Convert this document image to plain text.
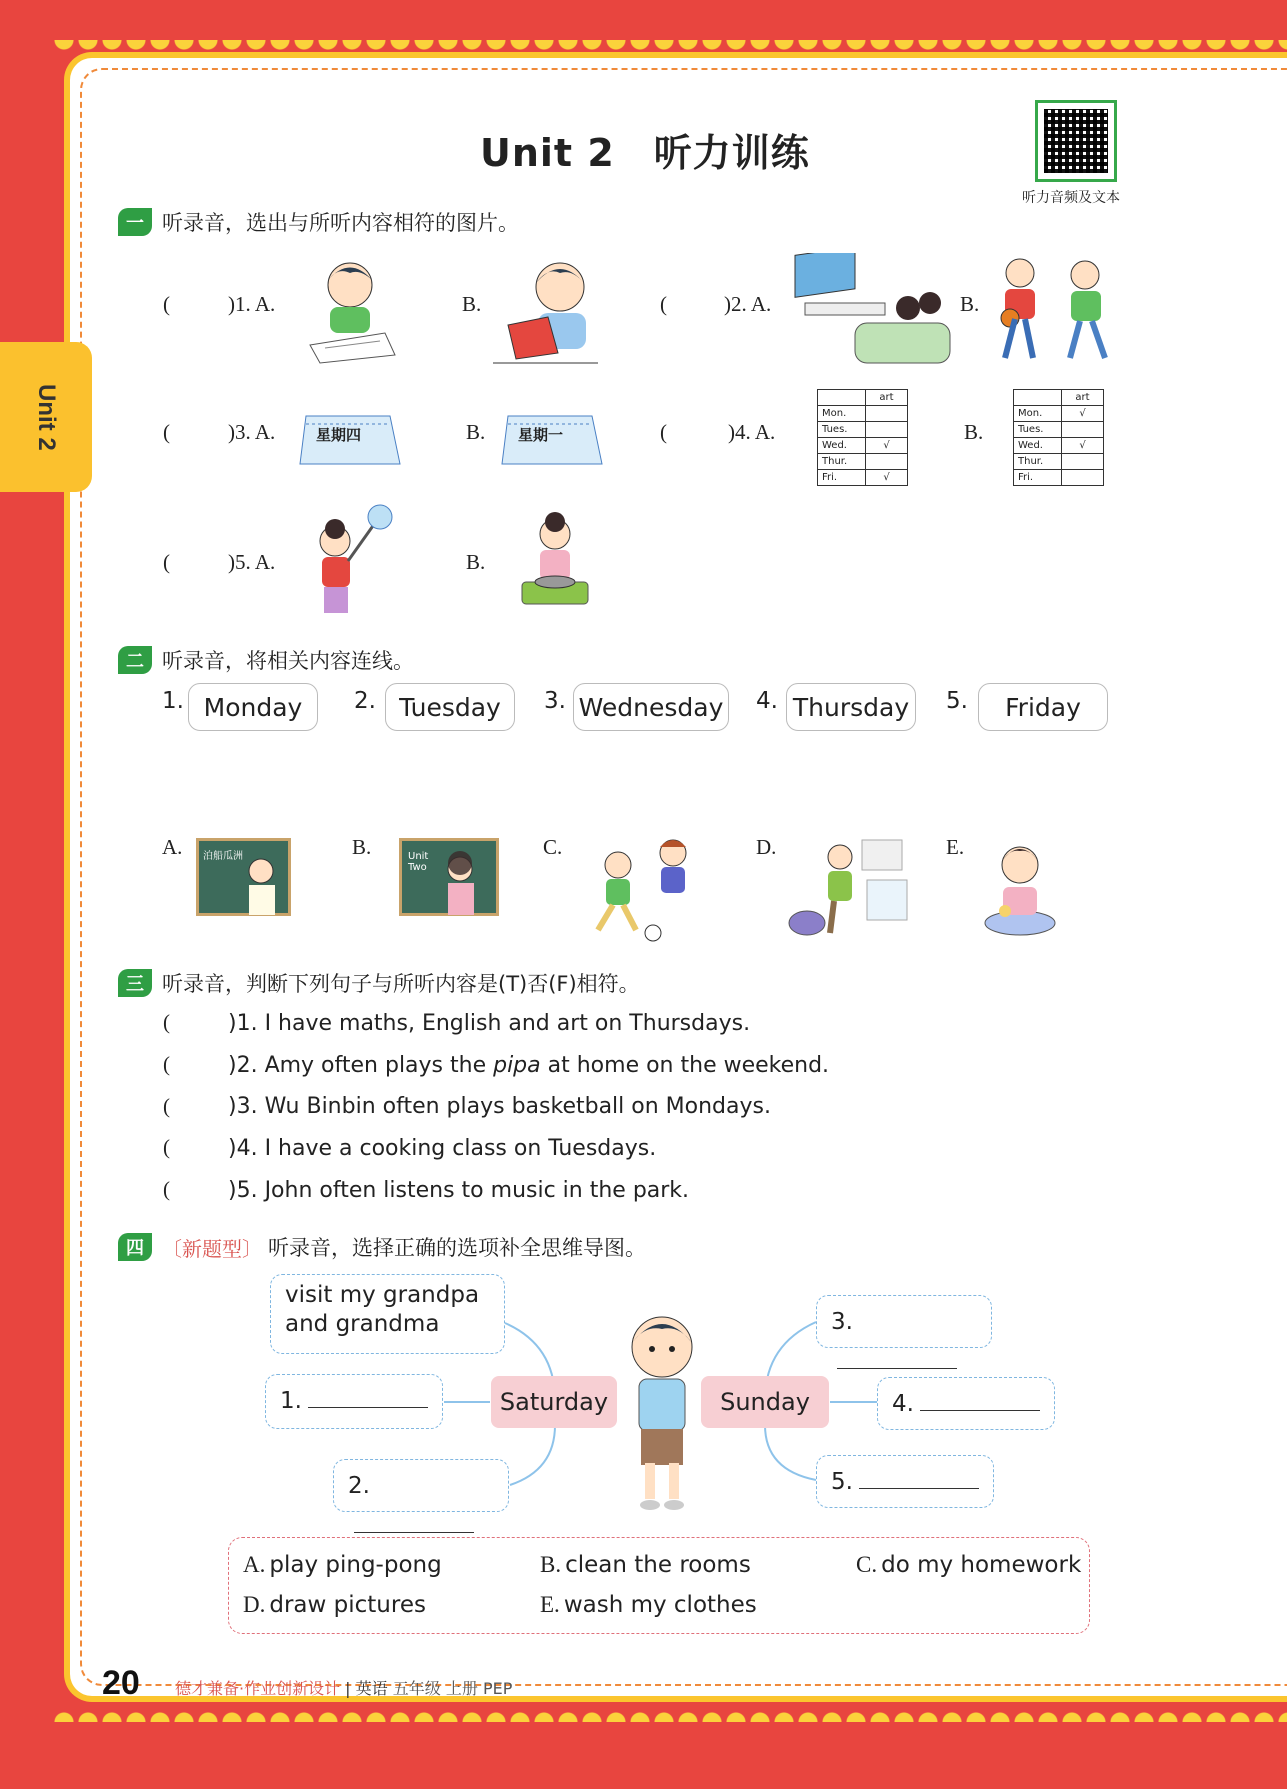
Unit 2
Unit 2　听力训练
听力音频及文本
一 听录音，选出与所听内容相符的图片。
(	)1. A.	B.	(	)2. A.	B.
(	)3. A.	星期四	B. 星期一	(	)4. A.
	art
Mon.	
Tues.	
Wed.	√
Thur.	
Fri.	√
B.
	art
Mon.	√
Tues.	
Wed.	√
Thur.	
Fri.	
(	)5. A.	B.
二 听录音，将相关内容连线。
1. Monday	2. Tuesday	3. Wednesday 4. Thursday 5.	Friday
A. 泊船瓜洲	B.	Unit Two
C.	D.	E.
三 听录音，判断下列句子与所听内容是(T)否(F)相符。
(	)1. I have maths, English and art on Thursdays.
(	)2. Amy often plays the pipa at home on the weekend.
(	)3. Wu Binbin often plays basketball on Mondays.
(	)4. I have a cooking class on Tuesdays.
(	)5. John often listens to music in the park.
四 〔新题型〕 听录音，选择正确的选项补全思维导图。
visit my grandpa
and grandma
1.
2.
Saturday	Sunday
3.
4.
5.
A. play ping-pong	B. clean the rooms	C. do my homework
D. draw pictures	E. wash my clothes
20 德才兼备·作业创新设计 | 英语 五年级 上册 PEP
